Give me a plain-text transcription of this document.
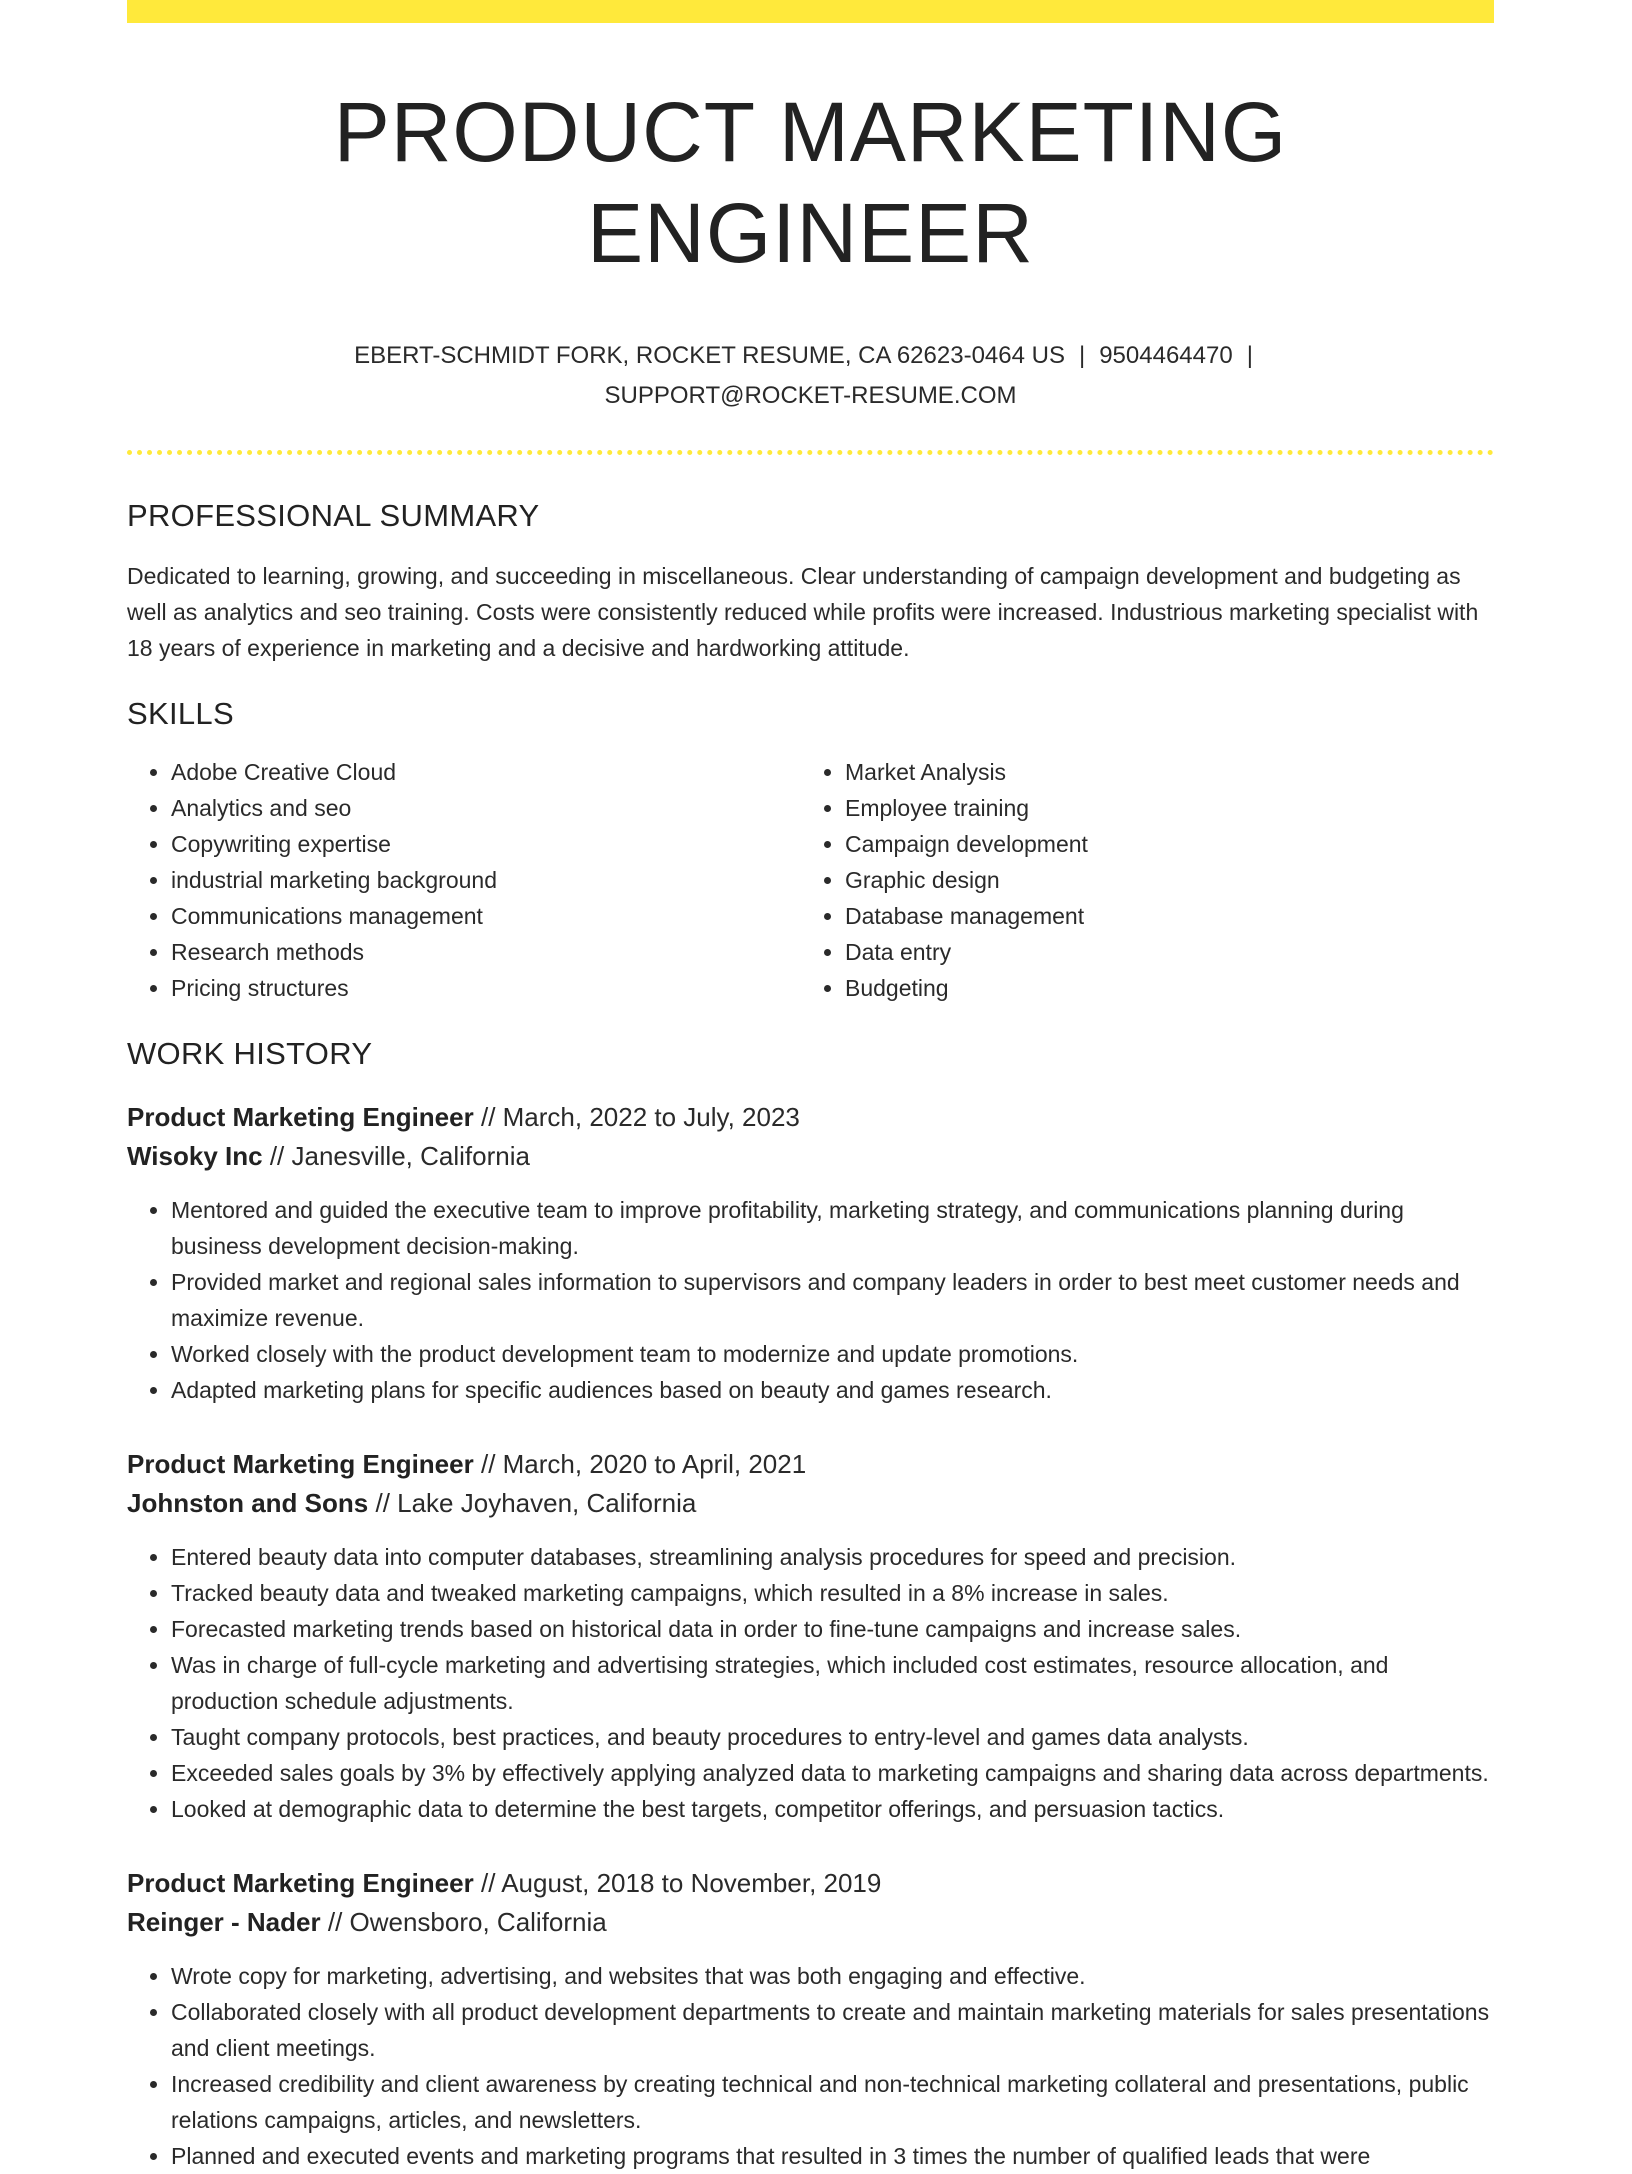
PRODUCT MARKETING ENGINEER
EBERT-SCHMIDT FORK, ROCKET RESUME, CA 62623-0464 US | 9504464470 |SUPPORT@ROCKET-RESUME.COM
PROFESSIONAL SUMMARY

Dedicated to learning, growing, and succeeding in miscellaneous. Clear understanding of campaign development and budgeting as well as analytics and seo training. Costs were consistently reduced while profits were increased. Industrious marketing specialist with 18 years of experience in marketing and a decisive and hardworking attitude.

SKILLS
• Adobe Creative Cloud
• Analytics and seo
• Copywriting expertise
• industrial marketing background
• Communications management
• Research methods
• Pricing structures
• Market Analysis
• Employee training
• Campaign development
• Graphic design
• Database management
• Data entry
• Budgeting
WORK HISTORY
Product Marketing Engineer // March, 2022 to July, 2023
Wisoky Inc // Janesville, California
• Mentored and guided the executive team to improve profitability, marketing strategy, and communications planning during business development decision-making.
• Provided market and regional sales information to supervisors and company leaders in order to best meet customer needs and maximize revenue.
• Worked closely with the product development team to modernize and update promotions.
• Adapted marketing plans for specific audiences based on beauty and games research.
Product Marketing Engineer // March, 2020 to April, 2021
Johnston and Sons // Lake Joyhaven, California
• Entered beauty data into computer databases, streamlining analysis procedures for speed and precision.
• Tracked beauty data and tweaked marketing campaigns, which resulted in a 8% increase in sales.
• Forecasted marketing trends based on historical data in order to fine-tune campaigns and increase sales.
• Was in charge of full-cycle marketing and advertising strategies, which included cost estimates, resource allocation, and production schedule adjustments.
• Taught company protocols, best practices, and beauty procedures to entry-level and games data analysts.
• Exceeded sales goals by 3% by effectively applying analyzed data to marketing campaigns and sharing data across departments.
• Looked at demographic data to determine the best targets, competitor offerings, and persuasion tactics.
Product Marketing Engineer // August, 2018 to November, 2019
Reinger - Nader // Owensboro, California
• Wrote copy for marketing, advertising, and websites that was both engaging and effective.
• Collaborated closely with all product development departments to create and maintain marketing materials for sales presentations and client meetings.
• Increased credibility and client awareness by creating technical and non-technical marketing collateral and presentations, public relations campaigns, articles, and newsletters.
• Planned and executed events and marketing programs that resulted in 3 times the number of qualified leads that were
